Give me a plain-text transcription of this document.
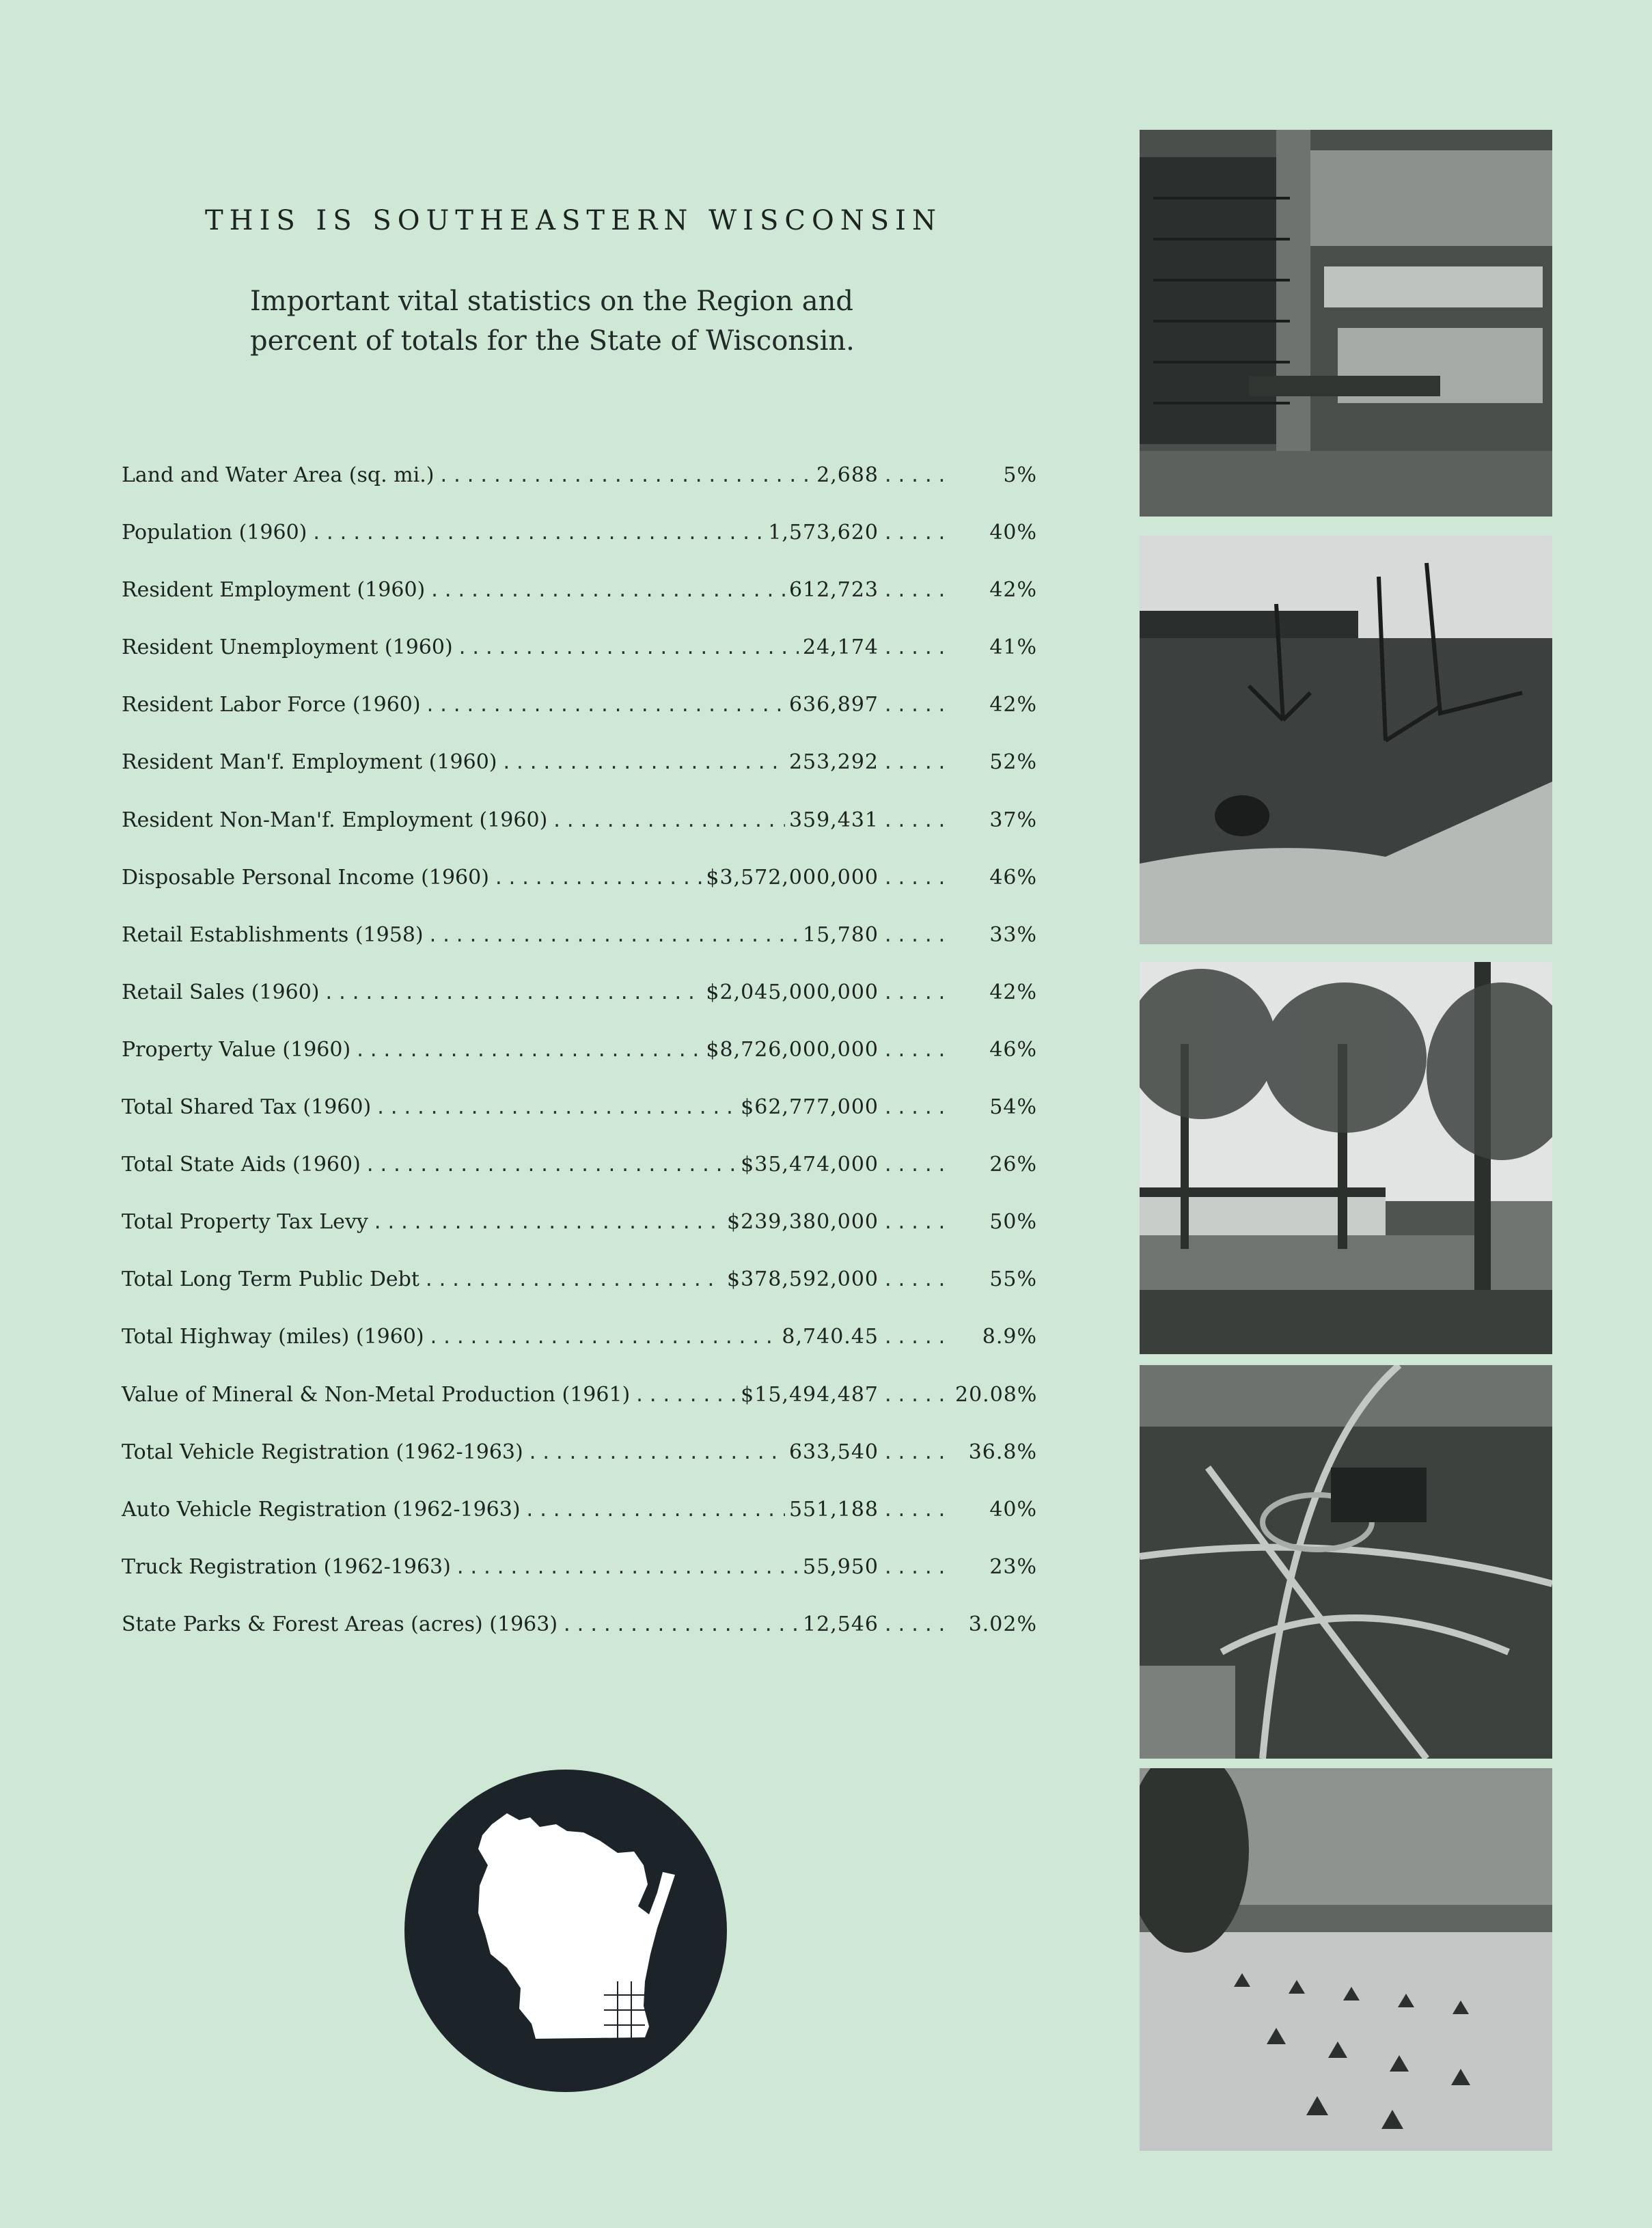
THIS IS SOUTHEASTERN WISCONSIN
Important vital statistics on the Region and
percent of totals for the State of Wisconsin.
Land and Water Area (sq. mi.) .....	2,688 .....	5%
Population (1960) .....	1,573,620 .....	40%
Resident Employment (1960) .....	612,723 .....	42%
Resident Unemployment (1960) .....	24,174 .....	41%
Resident Labor Force (1960) .....	636,897 .....	42%
Resident Man'f. Employment (1960) .....	253,292 .....	52%
Resident Non-Man'f. Employment (1960) .....	359,431 .....	37%
Disposable Personal Income (1960) .....	$3,572,000,000 .....	46%
Retail Establishments (1958) .....	15,780 .....	33%
Retail Sales (1960) .....	$2,045,000,000 .....	42%
Property Value (1960) .....	$8,726,000,000 .....	46%
Total Shared Tax (1960) .....	$62,777,000 .....	54%
Total State Aids (1960) .....	$35,474,000 .....	26%
Total Property Tax Levy .....	$239,380,000 .....	50%
Total Long Term Public Debt .....	$378,592,000 .....	55%
Total Highway (miles) (1960) .....	8,740.45 .....	8.9%
Value of Mineral & Non-Metal Production (1961) .....	$15,494,487 .....	20.08%
Total Vehicle Registration (1962-1963) .....	633,540 .....	36.8%
Auto Vehicle Registration (1962-1963) .....	551,188 .....	40%
Truck Registration (1962-1963) .....	55,950 .....	23%
State Parks & Forest Areas (acres) (1963) .....	12,546 .....	3.02%
